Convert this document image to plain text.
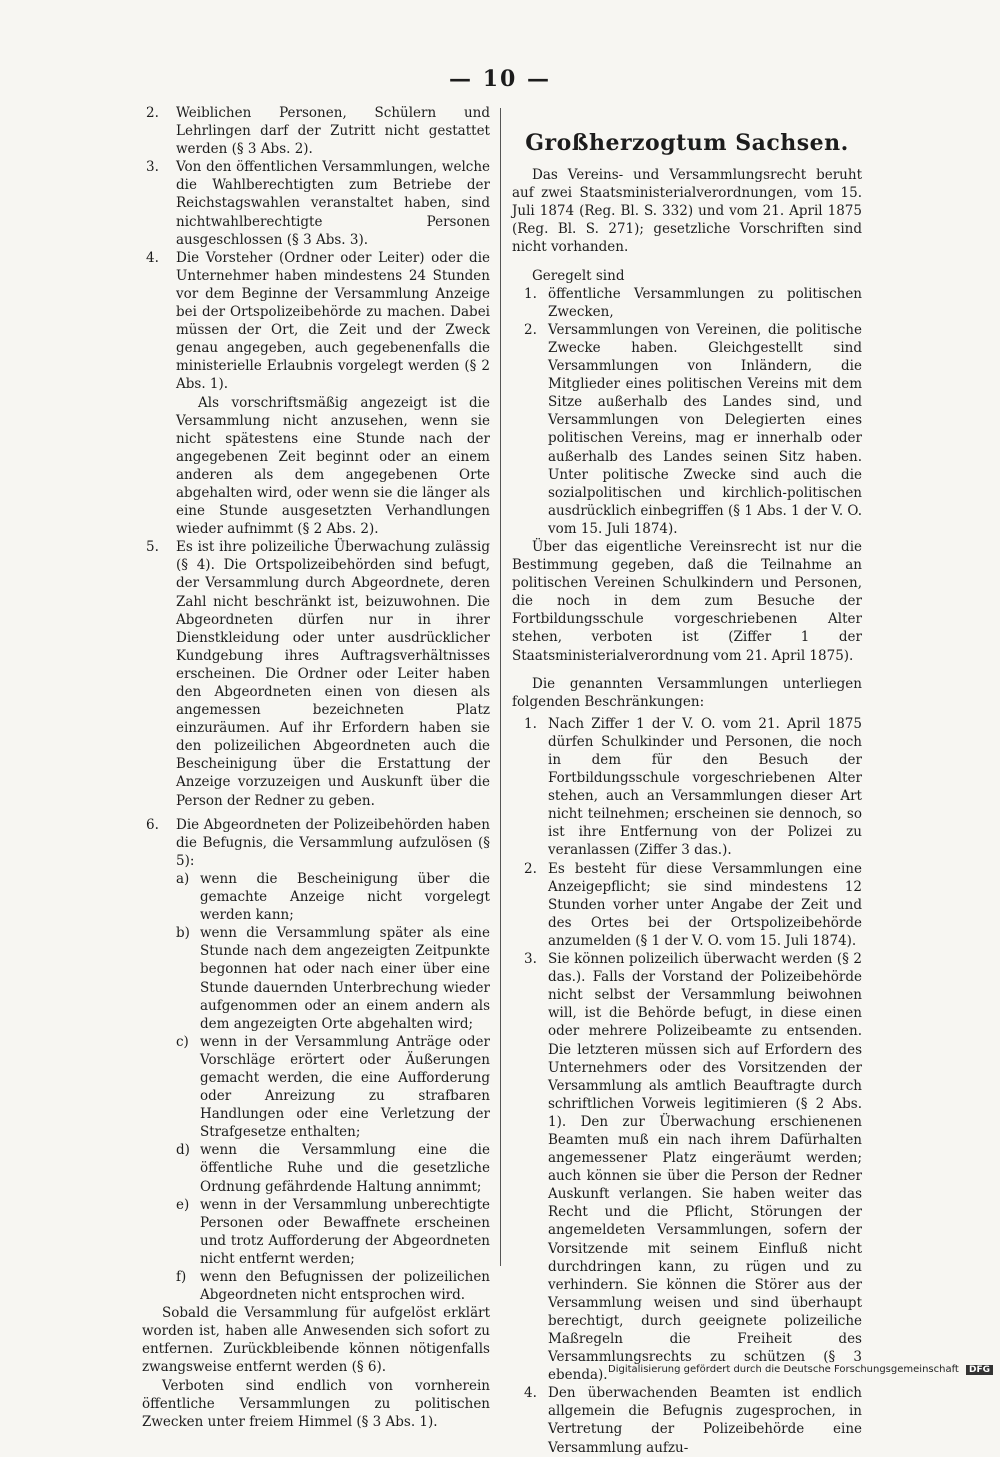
— 10 —

2. Weiblichen Personen, Schülern und Lehrlingen darf der Zutritt nicht gestattet werden (§ 3 Abs. 2).

3. Von den öffentlichen Versammlungen, welche die Wahlberechtigten zum Betriebe der Reichstagswahlen veranstaltet haben, sind nichtwahlberechtigte Personen ausgeschlossen (§ 3 Abs. 3).

4. Die Vorsteher (Ordner oder Leiter) oder die Unternehmer haben mindestens 24 Stunden vor dem Beginne der Versammlung Anzeige bei der Ortspolizeibehörde zu machen. Dabei müssen der Ort, die Zeit und der Zweck genau angegeben, auch gegebenenfalls die ministerielle Erlaubnis vorgelegt werden (§ 2 Abs. 1).

Als vorschriftsmäßig angezeigt ist die Versammlung nicht anzusehen, wenn sie nicht spätestens eine Stunde nach der angegebenen Zeit beginnt oder an einem anderen als dem angegebenen Orte abgehalten wird, oder wenn sie die länger als eine Stunde ausgesetzten Verhandlungen wieder aufnimmt (§ 2 Abs. 2).

5. Es ist ihre polizeiliche Überwachung zulässig (§ 4). Die Ortspolizeibehörden sind befugt, der Versammlung durch Abgeordnete, deren Zahl nicht beschränkt ist, beizuwohnen. Die Abgeordneten dürfen nur in ihrer Dienstkleidung oder unter ausdrücklicher Kundgebung ihres Auftragsverhältnisses erscheinen. Die Ordner oder Leiter haben den Abgeordneten einen von diesen als angemessen bezeichneten Platz einzuräumen. Auf ihr Erfordern haben sie den polizeilichen Abgeordneten auch die Bescheinigung über die Erstattung der Anzeige vorzuzeigen und Auskunft über die Person der Redner zu geben.

6. Die Abgeordneten der Polizeibehörden haben die Befugnis, die Versammlung aufzulösen (§ 5):

a) wenn die Bescheinigung über die gemachte Anzeige nicht vorgelegt werden kann;

b) wenn die Versammlung später als eine Stunde nach dem angezeigten Zeitpunkte begonnen hat oder nach einer über eine Stunde dauernden Unterbrechung wieder aufgenommen oder an einem andern als dem angezeigten Orte abgehalten wird;

c) wenn in der Versammlung Anträge oder Vorschläge erörtert oder Äußerungen gemacht werden, die eine Aufforderung oder Anreizung zu strafbaren Handlungen oder eine Verletzung der Strafgesetze enthalten;

d) wenn die Versammlung eine die öffentliche Ruhe und die gesetzliche Ordnung gefährdende Haltung annimmt;

e) wenn in der Versammlung unberechtigte Personen oder Bewaffnete erscheinen und trotz Aufforderung der Abgeordneten nicht entfernt werden;

f) wenn den Befugnissen der polizeilichen Abgeordneten nicht entsprochen wird.

Sobald die Versammlung für aufgelöst erklärt worden ist, haben alle Anwesenden sich sofort zu entfernen. Zurückbleibende können nötigenfalls zwangsweise entfernt werden (§ 6).

Verboten sind endlich von vornherein öffentliche Versammlungen zu politischen Zwecken unter freiem Himmel (§ 3 Abs. 1).

Großherzogtum Sachsen.

Das Vereins- und Versammlungsrecht beruht auf zwei Staatsministerialverordnungen, vom 15. Juli 1874 (Reg. Bl. S. 332) und vom 21. April 1875 (Reg. Bl. S. 271); gesetzliche Vorschriften sind nicht vorhanden.

Geregelt sind

1. öffentliche Versammlungen zu politischen Zwecken,

2. Versammlungen von Vereinen, die politische Zwecke haben. Gleichgestellt sind Versammlungen von Inländern, die Mitglieder eines politischen Vereins mit dem Sitze außerhalb des Landes sind, und Versammlungen von Delegierten eines politischen Vereins, mag er innerhalb oder außerhalb des Landes seinen Sitz haben. Unter politische Zwecke sind auch die sozialpolitischen und kirchlich-politischen ausdrücklich einbegriffen (§ 1 Abs. 1 der V. O. vom 15. Juli 1874).

Über das eigentliche Vereinsrecht ist nur die Bestimmung gegeben, daß die Teilnahme an politischen Vereinen Schulkindern und Personen, die noch in dem zum Besuche der Fortbildungsschule vorgeschriebenen Alter stehen, verboten ist (Ziffer 1 der Staatsministerialverordnung vom 21. April 1875).

Die genannten Versammlungen unterliegen folgenden Beschränkungen:

1. Nach Ziffer 1 der V. O. vom 21. April 1875 dürfen Schulkinder und Personen, die noch in dem für den Besuch der Fortbildungsschule vorgeschriebenen Alter stehen, auch an Versammlungen dieser Art nicht teilnehmen; erscheinen sie dennoch, so ist ihre Entfernung von der Polizei zu veranlassen (Ziffer 3 das.).

2. Es besteht für diese Versammlungen eine Anzeigepflicht; sie sind mindestens 12 Stunden vorher unter Angabe der Zeit und des Ortes bei der Ortspolizeibehörde anzumelden (§ 1 der V. O. vom 15. Juli 1874).

3. Sie können polizeilich überwacht werden (§ 2 das.). Falls der Vorstand der Polizeibehörde nicht selbst der Versammlung beiwohnen will, ist die Behörde befugt, in diese einen oder mehrere Polizeibeamte zu entsenden. Die letzteren müssen sich auf Erfordern des Unternehmers oder des Vorsitzenden der Versammlung als amtlich Beauftragte durch schriftlichen Vorweis legitimieren (§ 2 Abs. 1). Den zur Überwachung erschienenen Beamten muß ein nach ihrem Dafürhalten angemessener Platz eingeräumt werden; auch können sie über die Person der Redner Auskunft verlangen. Sie haben weiter das Recht und die Pflicht, Störungen der angemeldeten Versammlungen, sofern der Vorsitzende mit seinem Einfluß nicht durchdringen kann, zu rügen und zu verhindern. Sie können die Störer aus der Versammlung weisen und sind überhaupt berechtigt, durch geeignete polizeiliche Maßregeln die Freiheit des Versammlungsrechts zu schützen (§ 3 ebenda).

4. Den überwachenden Beamten ist endlich allgemein die Befugnis zugesprochen, in Vertretung der Polizeibehörde eine Versammlung aufzu-

Digitalisierung gefördert durch die Deutsche Forschungsgemeinschaft DFG
